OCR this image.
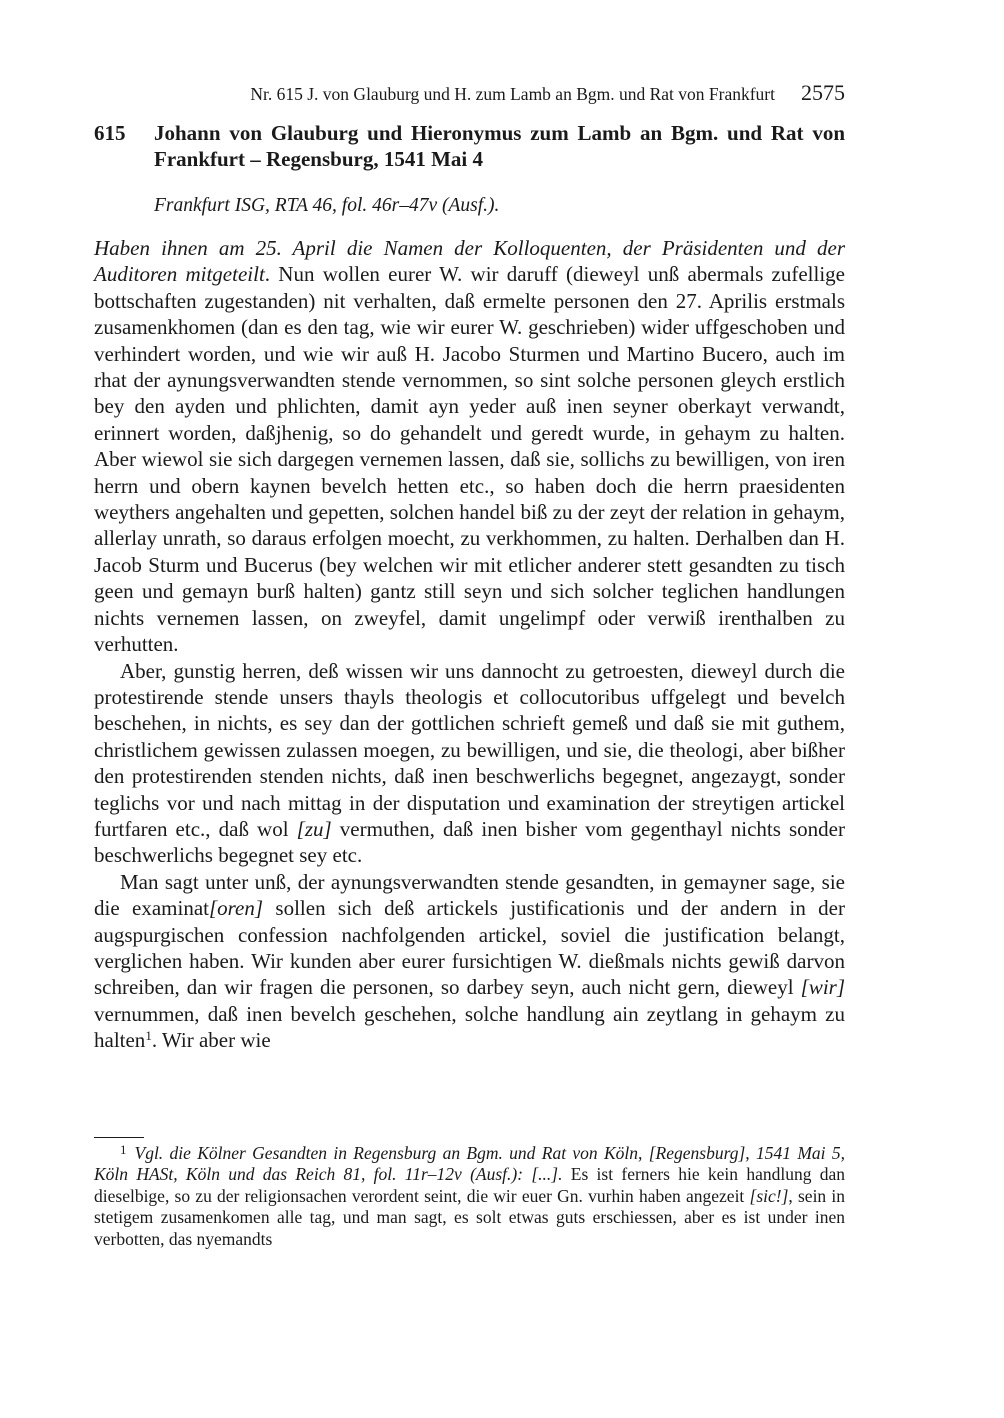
Nr. 615 J. von Glauburg und H. zum Lamb an Bgm. und Rat von Frankfurt 2575
615 Johann von Glauburg und Hieronymus zum Lamb an Bgm. und Rat von Frankfurt – Regensburg, 1541 Mai 4
Frankfurt ISG, RTA 46, fol. 46r–47v (Ausf.).

Haben ihnen am 25. April die Namen der Kolloquenten, der Präsidenten und der Auditoren mitgeteilt. Nun wollen eurer W. wir daruff (dieweyl unß abermals zufellige bottschaften zugestanden) nit verhalten, daß ermelte personen den 27. Aprilis erstmals zusamenkhomen (dan es den tag, wie wir eurer W. geschrieben) wider uffgeschoben und verhindert worden, und wie wir auß H. Jacobo Sturmen und Martino Bucero, auch im rhat der aynungsverwandten stende vernommen, so sint solche personen gleych erstlich bey den ayden und phlichten, damit ayn yeder auß inen seyner oberkayt verwandt, erinnert worden, daßjhenig, so do gehandelt und geredt wurde, in gehaym zu halten. Aber wiewol sie sich dargegen vernemen lassen, daß sie, sollichs zu bewilligen, von iren herrn und obern kaynen bevelch hetten etc., so haben doch die herrn praesidenten weythers angehalten und gepetten, solchen handel biß zu der zeyt der relation in gehaym, allerlay unrath, so daraus erfolgen moecht, zu verkhommen, zu halten. Derhalben dan H. Jacob Sturm und Bucerus (bey welchen wir mit etlicher anderer stett gesandten zu tisch geen und gemayn burß halten) gantz still seyn und sich solcher teglichen handlungen nichts vernemen lassen, on zweyfel, damit ungelimpf oder verwiß irenthalben zu verhutten.

Aber, gunstig herren, deß wissen wir uns dannocht zu getroesten, dieweyl durch die protestirende stende unsers thayls theologis et collocutoribus uffgelegt und bevelch beschehen, in nichts, es sey dan der gottlichen schrieft gemeß und daß sie mit guthem, christlichem gewissen zulassen moegen, zu bewilligen, und sie, die theologi, aber bißher den protestirenden stenden nichts, daß inen beschwerlichs begegnet, angezaygt, sonder teglichs vor und nach mittag in der disputation und examination der streytigen artickel furtfaren etc., daß wol [zu] vermuthen, daß inen bisher vom gegenthayl nichts sonder beschwerlichs begegnet sey etc.

Man sagt unter unß, der aynungsverwandten stende gesandten, in gemayner sage, sie die examinat[oren] sollen sich deß artickels justificationis und der andern in der augspurgischen confession nachfolgenden artickel, soviel die justification belangt, verglichen haben. Wir kunden aber eurer fursichtigen W. dießmals nichts gewiß darvon schreiben, dan wir fragen die personen, so darbey seyn, auch nicht gern, dieweyl [wir] vernummen, daß inen bevelch geschehen, solche handlung ain zeytlang in gehaym zu halten$^1$. Wir aber wie

1 Vgl. die Kölner Gesandten in Regensburg an Bgm. und Rat von Köln, [Regensburg], 1541 Mai 5, Köln HASt, Köln und das Reich 81, fol. 11r–12v (Ausf.): [...]. Es ist ferners hie kein handlung dan dieselbige, so zu der religionsachen verordent seint, die wir euer Gn. vurhin haben angezeit [sic!], sein in stetigem zusamenkomen alle tag, und man sagt, es solt etwas guts erschiessen, aber es ist under inen verbotten, das nyemandts
